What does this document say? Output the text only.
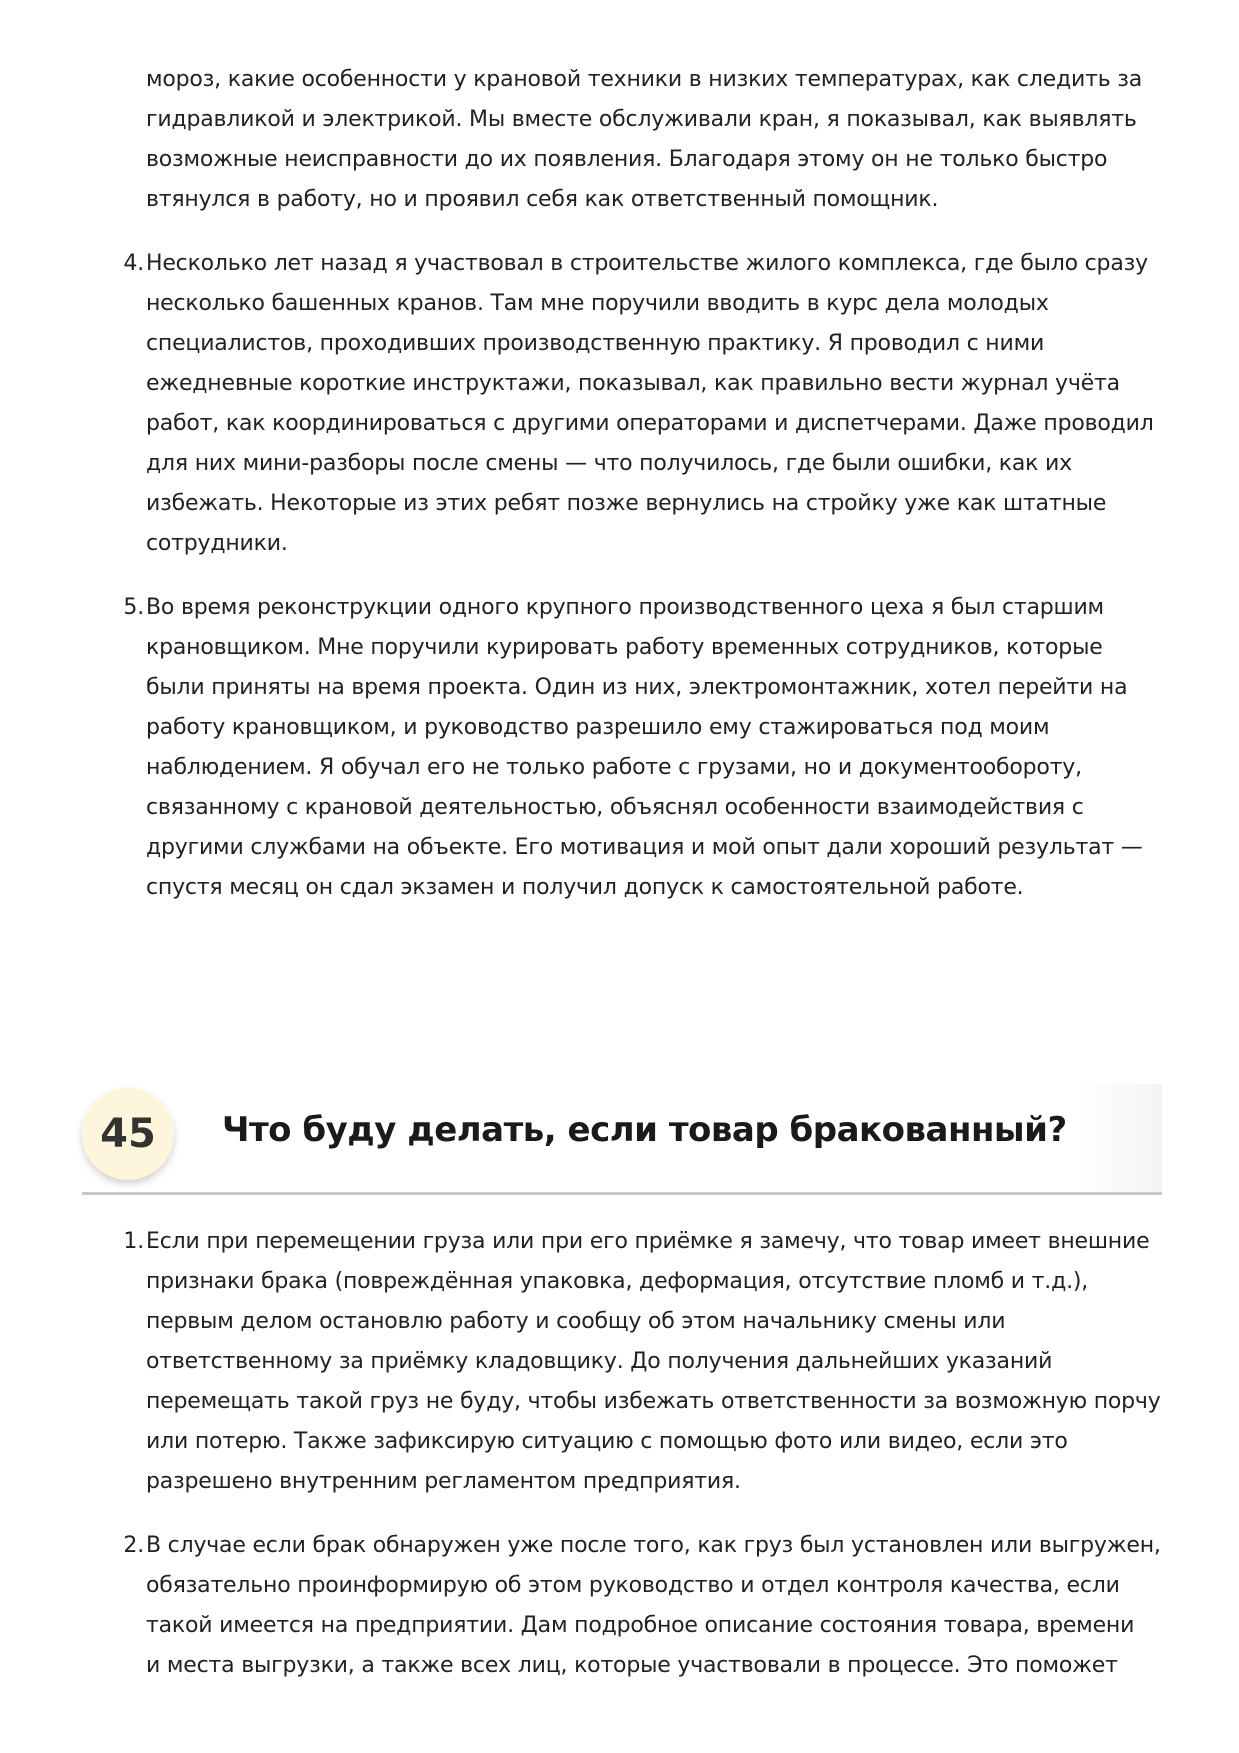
мороз, какие особенности у крановой техники в низких температурах, как следить за
гидравликой и электрикой. Мы вместе обслуживали кран, я показывал, как выявлять
возможные неисправности до их появления. Благодаря этому он не только быстро
втянулся в работу, но и проявил себя как ответственный помощник.
4. Несколько лет назад я участвовал в строительстве жилого комплекса, где было сразу
несколько башенных кранов. Там мне поручили вводить в курс дела молодых
специалистов, проходивших производственную практику. Я проводил с ними
ежедневные короткие инструктажи, показывал, как правильно вести журнал учёта
работ, как координироваться с другими операторами и диспетчерами. Даже проводил
для них мини-разборы после смены — что получилось, где были ошибки, как их
избежать. Некоторые из этих ребят позже вернулись на стройку уже как штатные
сотрудники.
5. Во время реконструкции одного крупного производственного цеха я был старшим
крановщиком. Мне поручили курировать работу временных сотрудников, которые
были приняты на время проекта. Один из них, электромонтажник, хотел перейти на
работу крановщиком, и руководство разрешило ему стажироваться под моим
наблюдением. Я обучал его не только работе с грузами, но и документообороту,
связанному с крановой деятельностью, объяснял особенности взаимодействия с
другими службами на объекте. Его мотивация и мой опыт дали хороший результат —
спустя месяц он сдал экзамен и получил допуск к самостоятельной работе.
45	Что буду делать, если товар бракованный?
1. Если при перемещении груза или при его приёмке я замечу, что товар имеет внешние
признаки брака (повреждённая упаковка, деформация, отсутствие пломб и т.д.),
первым делом остановлю работу и сообщу об этом начальнику смены или
ответственному за приёмку кладовщику. До получения дальнейших указаний
перемещать такой груз не буду, чтобы избежать ответственности за возможную порчу
или потерю. Также зафиксирую ситуацию с помощью фото или видео, если это
разрешено внутренним регламентом предприятия.
2. В случае если брак обнаружен уже после того, как груз был установлен или выгружен,
обязательно проинформирую об этом руководство и отдел контроля качества, если
такой имеется на предприятии. Дам подробное описание состояния товара, времени
и места выгрузки, а также всех лиц, которые участвовали в процессе. Это поможет
